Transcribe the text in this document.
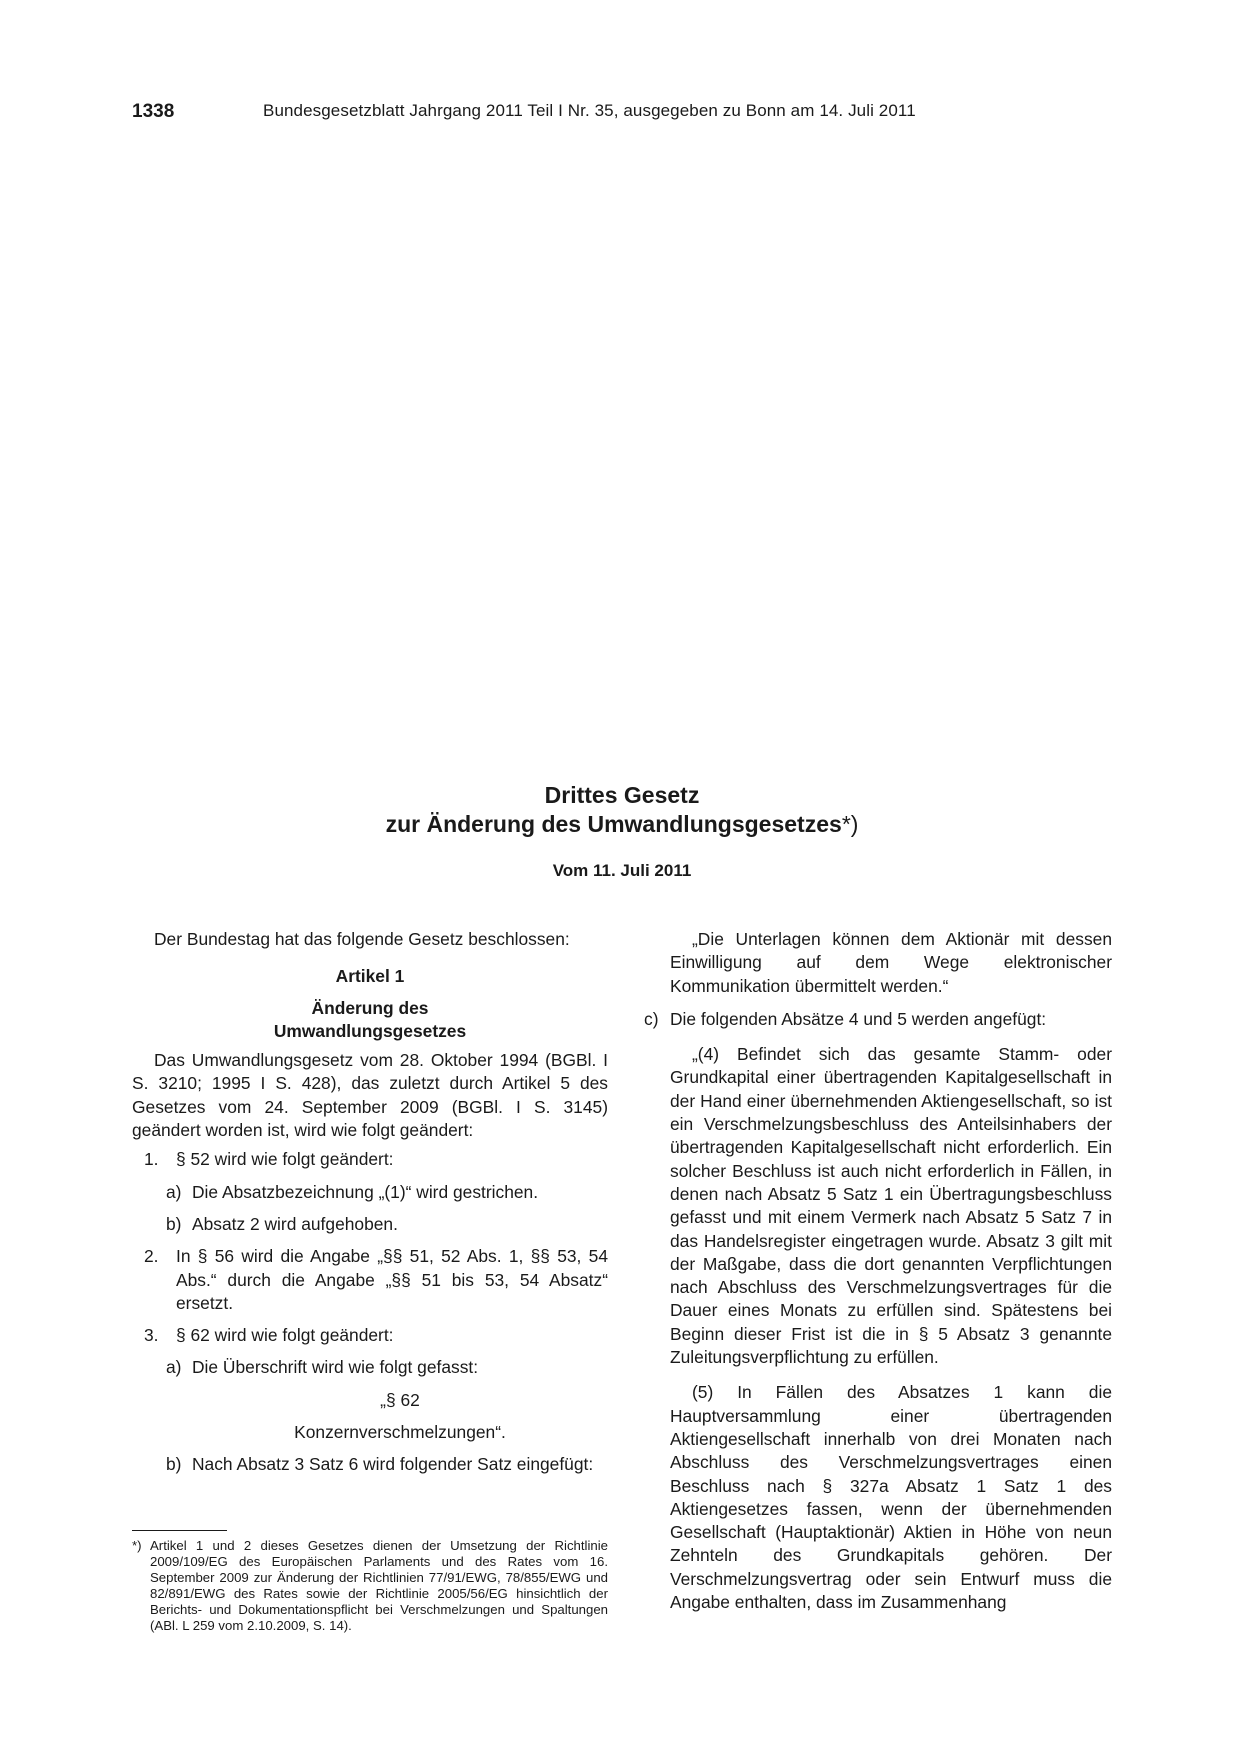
1338	Bundesgesetzblatt Jahrgang 2011 Teil I Nr. 35, ausgegeben zu Bonn am 14. Juli 2011
Drittes Gesetz
zur Änderung des Umwandlungsgesetzes*)
Vom 11. Juli 2011

Der Bundestag hat das folgende Gesetz beschlossen:

Artikel 1

Änderung des

Umwandlungsgesetzes

Das Umwandlungsgesetz vom 28. Oktober 1994 (BGBl. I S. 3210; 1995 I S. 428), das zuletzt durch Artikel 5 des Gesetzes vom 24. September 2009 (BGBl. I S. 3145) geändert worden ist, wird wie folgt geändert:

1. § 52 wird wie folgt geändert:
a) Die Absatzbezeichnung „(1)“ wird gestrichen.
b) Absatz 2 wird aufgehoben.
2. In § 56 wird die Angabe „§§ 51, 52 Abs. 1, §§ 53, 54 Abs.“ durch die Angabe „§§ 51 bis 53, 54 Absatz“ ersetzt.
3. § 62 wird wie folgt geändert:
a) Die Überschrift wird wie folgt gefasst:

„§ 62

Konzernverschmelzungen“.

b) Nach Absatz 3 Satz 6 wird folgender Satz eingefügt:

„Die Unterlagen können dem Aktionär mit dessen Einwilligung auf dem Wege elektronischer Kommunikation übermittelt werden.“

c) Die folgenden Absätze 4 und 5 werden angefügt:

„(4) Befindet sich das gesamte Stamm- oder Grundkapital einer übertragenden Kapitalgesellschaft in der Hand einer übernehmenden Aktiengesellschaft, so ist ein Verschmelzungsbeschluss des Anteilsinhabers der übertragenden Kapitalgesellschaft nicht erforderlich. Ein solcher Beschluss ist auch nicht erforderlich in Fällen, in denen nach Absatz 5 Satz 1 ein Übertragungsbeschluss gefasst und mit einem Vermerk nach Absatz 5 Satz 7 in das Handelsregister eingetragen wurde. Absatz 3 gilt mit der Maßgabe, dass die dort genannten Verpflichtungen nach Abschluss des Verschmelzungsvertrages für die Dauer eines Monats zu erfüllen sind. Spätestens bei Beginn dieser Frist ist die in § 5 Absatz 3 genannte Zuleitungsverpflichtung zu erfüllen.

(5) In Fällen des Absatzes 1 kann die Hauptversammlung einer übertragenden Aktiengesellschaft innerhalb von drei Monaten nach Abschluss des Verschmelzungsvertrages einen Beschluss nach § 327a Absatz 1 Satz 1 des Aktiengesetzes fassen, wenn der übernehmenden Gesellschaft (Hauptaktionär) Aktien in Höhe von neun Zehnteln des Grundkapitals gehören. Der Verschmelzungsvertrag oder sein Entwurf muss die Angabe enthalten, dass im Zusammenhang

*) Artikel 1 und 2 dieses Gesetzes dienen der Umsetzung der Richtlinie 2009/109/EG des Europäischen Parlaments und des Rates vom 16. September 2009 zur Änderung der Richtlinien 77/91/EWG, 78/855/EWG und 82/891/EWG des Rates sowie der Richtlinie 2005/56/EG hinsichtlich der Berichts- und Dokumentationspflicht bei Verschmelzungen und Spaltungen (ABl. L 259 vom 2.10.2009, S. 14).
